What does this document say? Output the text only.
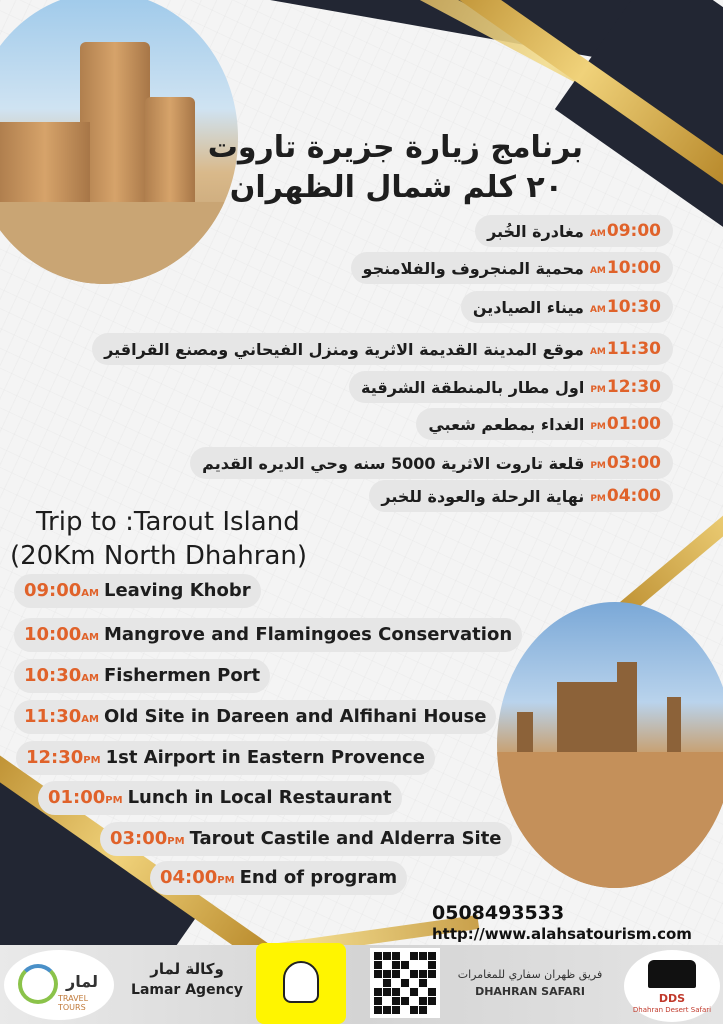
برنامج زيارة جزيرة تاروت
٢٠ كلم شمال الظهران
AM 09:00
مغادرة الخُبر
AM 10:00
محمية المنجروف والفلامنجو
AM 10:30
ميناء الصيادين
AM 11:30
موقع المدينة القديمة الاثرية ومنزل الفيحاني ومصنع القراقير
PM 12:30
اول مطار بالمنطقة الشرقية
PM 01:00
الغداء بمطعم شعبي
PM 03:00
قلعة تاروت الاثرية 5000 سنه وحي الديره القديم
PM 04:00
نهاية الرحلة والعودة للخبر
Trip to :Tarout Island
(20Km North Dhahran)
09:00 AM Leaving Khobr
10:00 AM Mangrove and Flamingoes Conservation
10:30 AM Fishermen Port
11:30 AM Old Site in Dareen and Alfihani House
12:30 PM 1st Airport in Eastern Provence
01:00 PM Lunch in Local Restaurant
03:00 PM Tarout Castile and Alderra Site
04:00 PM End of program
0508493533
http://www.alahsatourism.com
لمار
TRAVEL TOURS
وكالة لمار
Lamar Agency
فريق ظهران سفاري للمغامرات
DHAHRAN SAFARI
DDS
Dhahran Desert Safari
